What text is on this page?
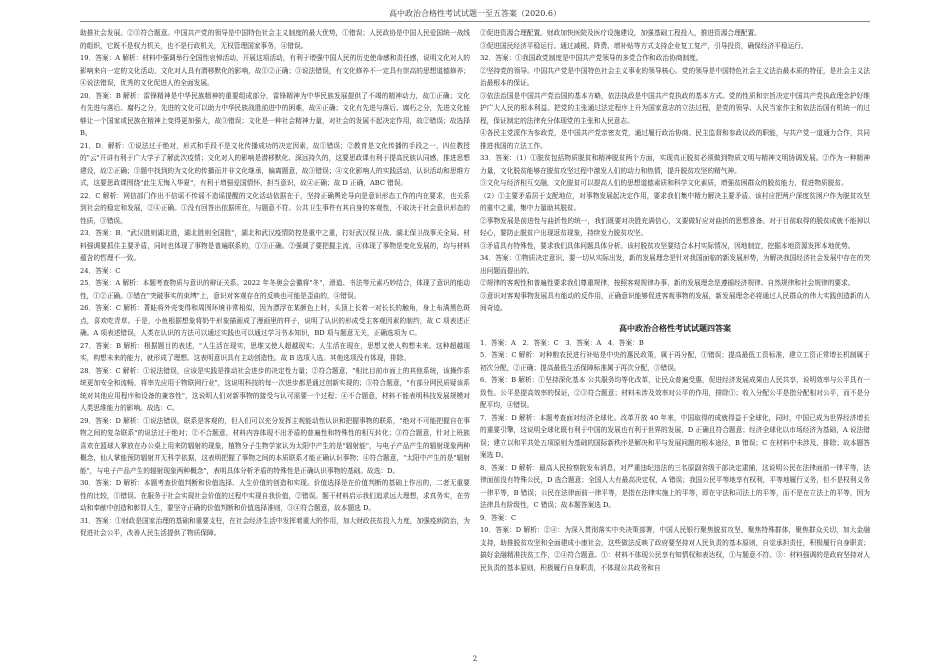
高中政治合格性考试试题一至五答案（2020.6）

助推社会发展。②③符合题意。中国共产党的领导是中国特色社会主义制度的最大优势，①错误；人民政协是中国人民爱国统一战线的组织，它既不是权力机关，也不是行政机关，无权管理国家事务，④错误。

19．答案：A 解析：材料中强调举行全国性哀悼活动，开展这项活动，有利于增强中国人民的历史使命感和责任感，说明文化对人的影响来自一定的文化活动，文化对人具有潜移默化的影响，故①②正确；③说法错误，有文化修养不一定具有崇高的思想道德修养；④说法错误，优秀的文化促进人的全面发展。

20．答案：B 解析：雷锋精神是中华民族精神的重要组成部分，雷锋精神为中华民族发展提供了不竭的精神动力，故①正确；文化有先进与落后、腐朽之分，先进的文化可以助力中华民族战胜前进中的困难，故④正确；文化有先进与落后、腐朽之分，先进文化能够让一个国家或民族在精神上变得更加强大，故③错误；文化是一种社会精神力量，对社会的发展不起决定作用，故②错误；故选择 B。

21．D．解析：①说法过于绝对，形式和手段不是文化传播成功的决定因素，故①错误；②教育是文化传播的手段之一，四位教授的"云"开讲有利于广大学子了解此次疫情；文化对人的影响是潜移默化、深远持久的，这要思政课有利于提高民族认同感，推进思想建设，故②正确；③题中找到的为文化的传播而并非文化继承，偏离题意，故③错误；④文化影响人的实践活动，认识活动和思维方式，这要思政课围绕"此生无悔入华夏"，有利于增强爱国情怀，担当意识，故④正确；故 D 正确，ABC 错误。

22．C 解析：网信部门作出不信谣不传谣不造谣提醒的文化活动依据在于，坚持正确舆论导向是意识形态工作的内在要求，也关系到社会的稳定和发展，②④正确。①没有回答出依据所在，与题意不符。公共卫生事件有其自身的客观性，不取决于社会意识形态的性质，③错误。

23．答案：B．"武汉胜则湖北胜，湖北胜则全国胜"，湖北和武汉疫情防控是重中之重，打好武汉保卫战、湖北保卫战事关全局。材料强调要抓住主要矛盾，同时也体现了事物是普遍联系的，①③正确。②强调了要把握主流，④体现了事物是变化发展的，均与材料蕴含的哲理不一致。

24．答案：C

25．答案：A 解析：本题考查物质与意识的辩证关系。2022 年冬奥会会徽将"冬"，滑道、书法等元素巧妙结合，体现了意识的能动性，①②正确。③错在"突破事实的束缚"上，意识对客观存在的反映也可能是歪曲的，④错误。

26．答案：C 解析：菁蛙将外壳变得和周围环境非常相似，因为漂浮在某颜色上时，头顶上长着一对长长的触角，身上布满黑色斑点，喜欢吃青草。于是，小鱼根据想象将奶牛形象描画成了漫画里的样子，说明了认识的形成受主客观因素的制约，故 C 项表述正确。A 项表述错误，人类在认识的方法可以通过实践也可以通过学习书本知识，BD 项与题意无关，正确选项为 C。

27．答案：B 解析：根据题目的表述，"人生活在现实，思维又使人超越现实；人生活在现在，思想又使人构想未来。这种超越现实，构想未来的能力，就形成了理想。这表明意识具有主动创造性。故 B 选项入选。其他选项没有体现，排除。

28．答案：C 解析：①说法错误，应该是实践是推动社会进步的决定性力量；②符合题意，"相比目前市面上的其他系统，该操作系统更加安全和流畅，将率先应用于物联网行业"，这说明科技的每一次进步都是通过创新实现的；③符合题意，"有部分网民质疑该系统对其他应用程序和设备的兼容性"，这说明人们对新事物的接受与认可需要一个过程；④不合题意，材料不能表明科技发展规模对人类思维能力的影响。故选：C。

29．答案：D 解析：①说法错误，联系是客观的，但人们可以充分发挥主观能动性认识和把握事物的联系，"绝对不可能把握自在事物之间的复杂联系"的说法过于绝对；②不合题意，材料内容体现不出矛盾的普遍性和特殊性的相互转化；③符合题意，针对上班族喜欢在篮球人掌放在办公桌上用来防辐射的现象，植物分子生物学家认为太阳中产生的是"辐射能"，与电子产品产生的辐射现象两种概念，仙人掌能预防辐射并无科学依据，这表明把握了事物之间的本质联系才能正确认识事物；④符合题意，"太阳中产生的是"辐射能"，与电子产品产生的辐射现象两种概念"，表明具体分析矛盾的特殊性是正确认识事物的基础。故选：D。

30．答案：D 解析：本题考查价值判断和价值选择、人生价值的创造和实现。价值选择是在价值判断的基础上作出的，二者无重要性的比较，①错误。在服务于社会实现社会价值的过程中实现自我价值，②错误。题干材料启示我们追求远大理想，求真务实，在劳动和奉献中创造和彰显人生，要坚守正确的价值判断和价值选择准则，③④符合题意，故本题选 D。

31．答案：①财政是国家治理的基础和重要支柱，在社会经济生活中发挥着重大的作用，加大财政扶贫投入力度，加强疫病防治，为促进社会公平，改善人民生活提供了物质保障。

②促进资源合理配置。财政加快医院及医疗设施建设，加强基础工程投入，推进资源合理配置。

③促进国民经济平稳运行。通过减税、降费、增补贴等方式支持企业复工复产，引导投资，确保经济平稳运行。

32．答案：①我国政党制度是中国共产党领导的多党合作和政治协商制度。

②坚持党的领导。中国共产党是中国特色社会主义事业的领导核心。党的领导是中国特色社会主义法治最本质的特征，是社会主义法治最根本的保证。

③依法治国是中国共产党治国的基本方略，依法执政是中国共产党执政的基本方式。党的性质和宗旨决定中国共产党执政理念护好维护广大人民的根本利益。把党的主张通过法定程序上升为国家意志的立法过程，是党的领导、人民当家作主和依法治国有机统一的过程，保证制定的法律充分体现党的主张和人民意志。

④各民主党派作为参政党，是中国共产党亲密友党，通过履行政治协商、民主监督和参政议政的职能，与共产党一道通力合作，共同推进我国的立法工作。

33．答案：（1）①脱贫包括物质脱贫和精神脱贫两个方面，实现真正脱贫必须做到物质文明与精神文明协调发展。②作为一种精神力量，文化脱贫能够在脱贫攻坚过程中激发人们的动力和热情，提升脱贫攻坚的精气神。

③文化与经济相互交融，文化脱贫可以提高人们的思想道德素质和科学文化素质，增强贫困群众的脱贫能力，促进物质脱贫。

（2）①主要矛盾居于支配地位，对事物发展起决定作用，要求我们集中精力解决主要矛盾。该村应把两户深度贫困户作为脱贫攻坚的重中之重，集中力量助其脱贫。

②事物发展是前进性与曲折性的统一，我们既要对决胜充满信心，又要做好应对曲折的思想准备。对于目前取得的脱贫成就不能掉以轻心，要防止脱贫户出现返贫现象，持续发力脱贫攻坚。

③矛盾具有特殊性，要求我们具体问题具体分析。该村脱贫攻坚要结合本村实际情况，因地制宜，挖掘本地资源发挥本地优势。

34．答案：①物质决定意识，要一切从实际出发，新的发展理念是针对我国面临的新发展形势，为解决我国经济社会发展中存在的突出问题而提出的。

②规律的客观性和普遍性要求我们尊重规律，按照客观规律办事，新的发展理念是遵循经济规律、自然规律和社会规律的要求。

③意识对客观事物发展具有能动的反作用，正确意识能够促进客观事物的发展，新发展理念必将通过人民群众的伟大实践创造新的人间奇迹。

高中政治合格性考试试题四答案

1．答案：A　2．答案：C　3．答案：A　4．答案：B

5．答案：C 解析：对种粮农民进行补贴是中央的惠民政策，属于再分配，①错误；提高最低工资标准，建立工资正常增长机制属于初次分配，②正确；提高最低生活保障标准属于再次分配，③错误。

6．答案：B 解析：①坚持深化基本 公共服务均等化改革，让民众普遍受惠，促进经济发展成果由人民共享，说明效率与公平具有一致性。公平是提高效率的保证，②③符合题意；材料未涉及效率对公平的作用，排除①；收入分配公平是指分配相对公平，而不是分配平均，④错误。

7．答案：D 解析：本题考查面对经济全球化。改革开放 40 年来，中国取得的成就得益于全球化，同时，中国已成为世界经济增长的重要引擎，这说明全球化既有利于中国的发展也有利于世界的发展，D 正确且符合题意；经济全球化以市场经济为基础，A 说法错误；建立以和平共处五项原则为基础的国际新秩序是解决和平与发展问题的根本途径，B 错误；C 在材料中未涉及，排除；故本题答案选 D。

8．答案：D 解析：最高人民检察院发布消息，对严重违纪违法的三名原副省级干部决定逮捕，这说明公民在法律面前一律平等，法律面前没有特殊公民，D 选合题意；全国人大有最高决定权，A 错误；我国公民平等地享有权利，平等地履行义务，但不是权利义务一律平等，B 错误；公民在法律面前一律平等，是指在法律实施上的平等，即在守法和司法上的平等，而不是在立法上的平等，因为法律具有阶级性，C 错误；故本题答案选 D。

9．答案：C

10．答案：D 解析：②④：为深入贯彻落实中央决策部署，中国人民银行聚焦脱贫攻坚，聚焦特殊群体，聚焦群众关切，加大金融支持，助推脱贫攻坚和全面建成小康社会，这些做法反映了政府要坚持对人民负责的基本原则，自觉承担责任，积极履行自身职责；搞好金融精准扶贫工作，②④符合题意。①：材料不体现公民享有知情权和表达权，①与题意不符。③：材料强调的是政府坚持对人民负责的基本原则，积极履行自身职责，不体现公共政务和自

2
